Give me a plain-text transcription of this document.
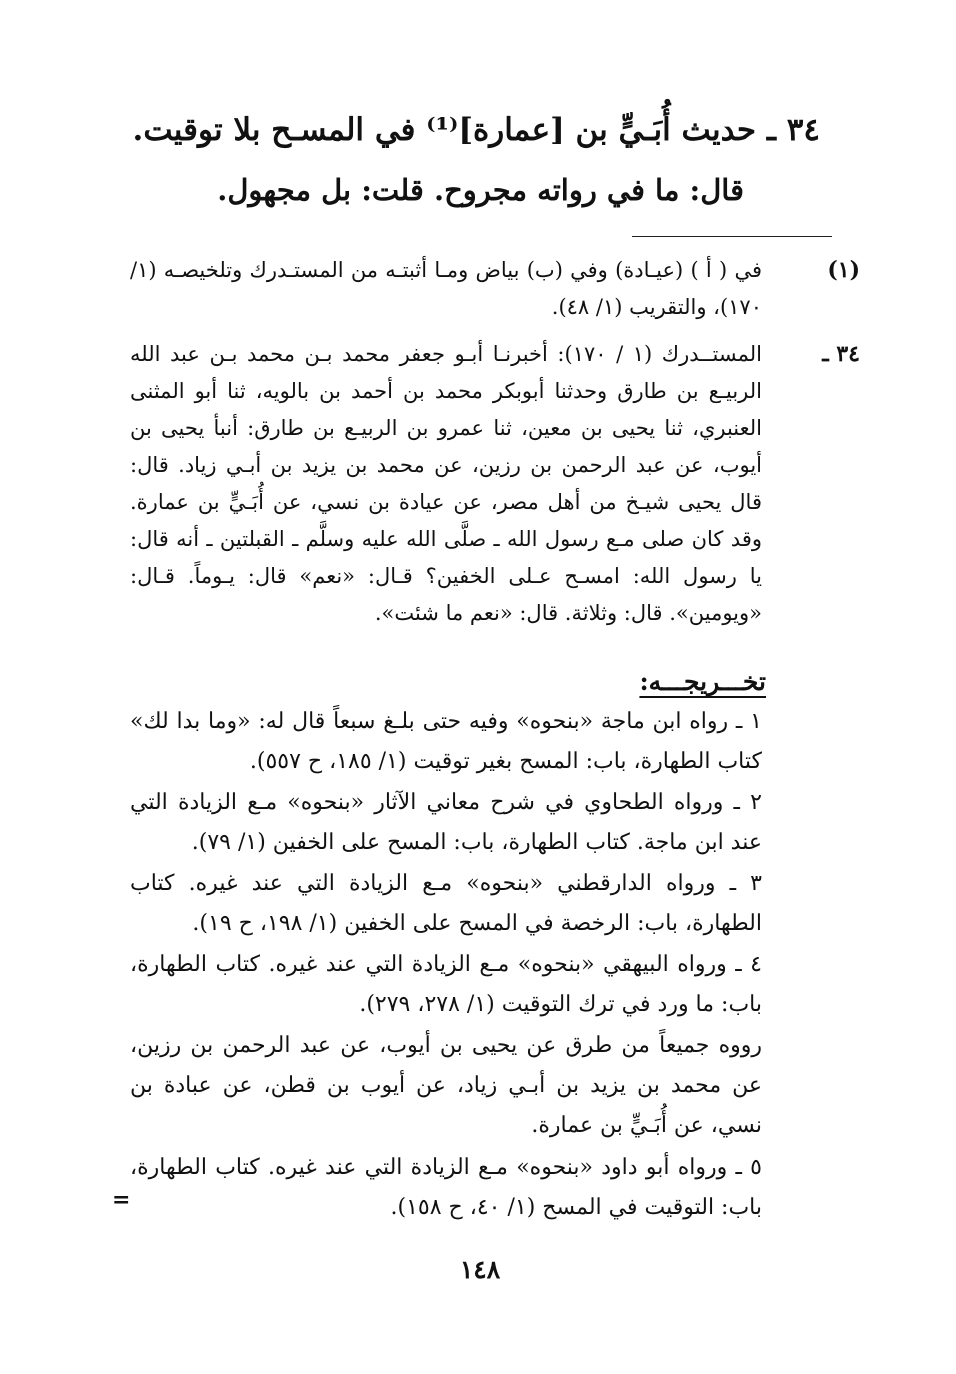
٣٤ ـ حديث أُبَـيٍّ بن [عمارة]⁽¹⁾ في المسـح بلا توقيت.
قال: ما في رواته مجروح. قلت: بل مجهول.
(١)
في ( أ ) (عيـادة) وفي (ب) بياض ومـا أثبتـه من المستـدرك وتلخيصـه (١/ ١٧٠)، والتقريب (١/ ٤٨).
٣٤ ـ
المستــدرك (١ / ١٧٠): أخبرنـا أبـو جعفر محمد بـن محمد بـن عبد الله الربيـع بن طارق وحدثنا أبوبكر محمد بن أحمد بن بالويه، ثنا أبو المثنى العنبري، ثنا يحيى بن معين، ثنا عمرو بن الربيـع بن طارق: أنبأ يحيى بن أيوب، عن عبد الرحمن بن رزين، عن محمد بن يزيد بن أبـي زياد. قال: قال يحيى شيـخ من أهل مصر، عن عيادة بن نسي، عن أُبَـيٍّ بن عمارة. وقد كان صلى مـع رسول الله ـ صلَّى الله عليه وسلَّم ـ القبلتين ـ أنه قال: يا رسول الله: امسـح عـلى الخفين؟ قـال: «نعم» قال: يـوماً. قـال: «ويومين». قال: وثلاثة. قال: «نعم ما شئت».
تخـــريجـــه:
١ ـ رواه ابن ماجة «بنحوه» وفيه حتى بلـغ سبعاً قال له: «وما بدا لك» كتاب الطهارة، باب: المسح بغير توقيت (١/ ١٨٥، ح ٥٥٧).
٢ ـ ورواه الطحاوي في شرح معاني الآثار «بنحوه» مـع الزيادة التي عند ابن ماجة. كتاب الطهارة، باب: المسح على الخفين (١/ ٧٩).
٣ ـ ورواه الدارقطني «بنحوه» مـع الزيادة التي عند غيره. كتاب الطهارة، باب: الرخصة في المسح على الخفين (١/ ١٩٨، ح ١٩).
٤ ـ ورواه البيهقي «بنحوه» مـع الزيادة التي عند غيره. كتاب الطهارة، باب: ما ورد في ترك التوقيت (١/ ٢٧٨، ٢٧٩).
رووه جميعاً من طرق عن يحيى بن أيوب، عن عبد الرحمن بن رزين، عن محمد بن يزيد بن أبـي زياد، عن أيوب بن قطن، عن عبادة بن نسي، عن أُبَـيٍّ بن عمارة.
٥ ـ ورواه أبو داود «بنحوه» مـع الزيادة التي عند غيره. كتاب الطهارة، باب: التوقيت في المسح (١/ ٤٠، ح ١٥٨).
=
١٤٨
